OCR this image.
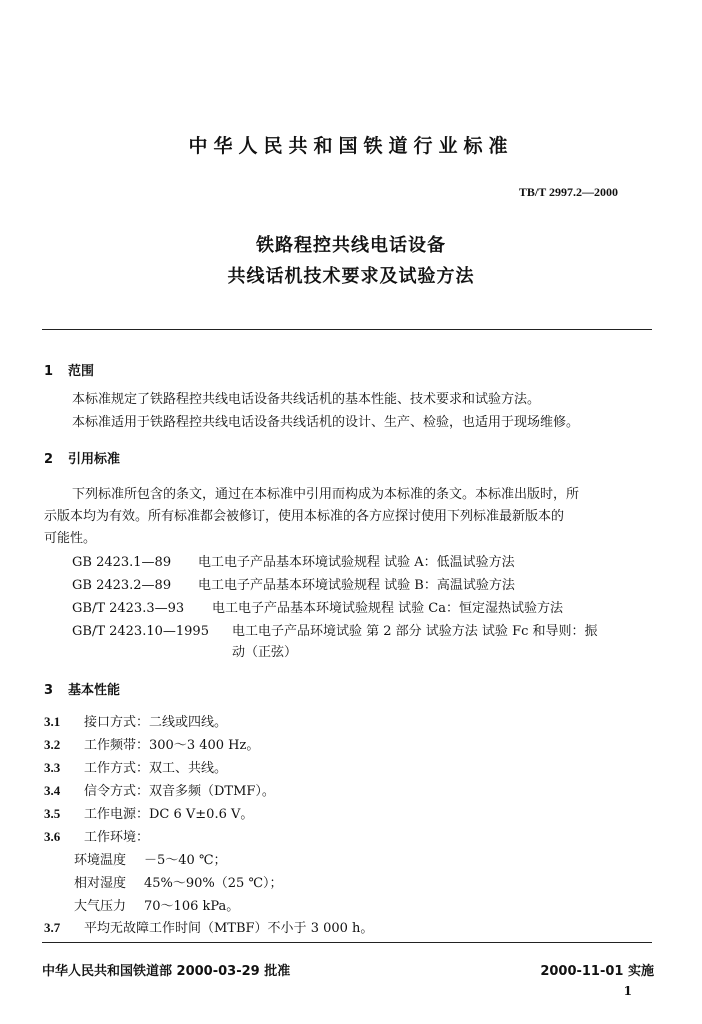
中华人民共和国铁道行业标准
TB/T 2997.2—2000
铁路程控共线电话设备
共线话机技术要求及试验方法
1 范围
本标准规定了铁路程控共线电话设备共线话机的基本性能、技术要求和试验方法。
本标准适用于铁路程控共线电话设备共线话机的设计、生产、检验，也适用于现场维修。
2 引用标准
下列标准所包含的条文，通过在本标准中引用而构成为本标准的条文。本标准出版时，所
示版本均为有效。所有标准都会被修订，使用本标准的各方应探讨使用下列标准最新版本的
可能性。
GB 2423.1—89 电工电子产品基本环境试验规程 试验 A：低温试验方法
GB 2423.2—89 电工电子产品基本环境试验规程 试验 B：高温试验方法
GB/T 2423.3—93 电工电子产品基本环境试验规程 试验 Ca：恒定湿热试验方法
GB/T 2423.10—1995 电工电子产品环境试验 第 2 部分 试验方法 试验 Fc 和导则：振
动（正弦）
3 基本性能
3.1 接口方式：二线或四线。
3.2 工作频带：300～3 400 Hz。
3.3 工作方式：双工、共线。
3.4 信令方式：双音多频（DTMF）。
3.5 工作电源：DC 6 V±0.6 V。
3.6 工作环境：
环境温度 －5～40 ℃；
相对湿度 45%～90%（25 ℃）；
大气压力 70～106 kPa。
3.7 平均无故障工作时间（MTBF）不小于 3 000 h。
中华人民共和国铁道部 2000-03-29 批准	2000-11-01 实施
1
